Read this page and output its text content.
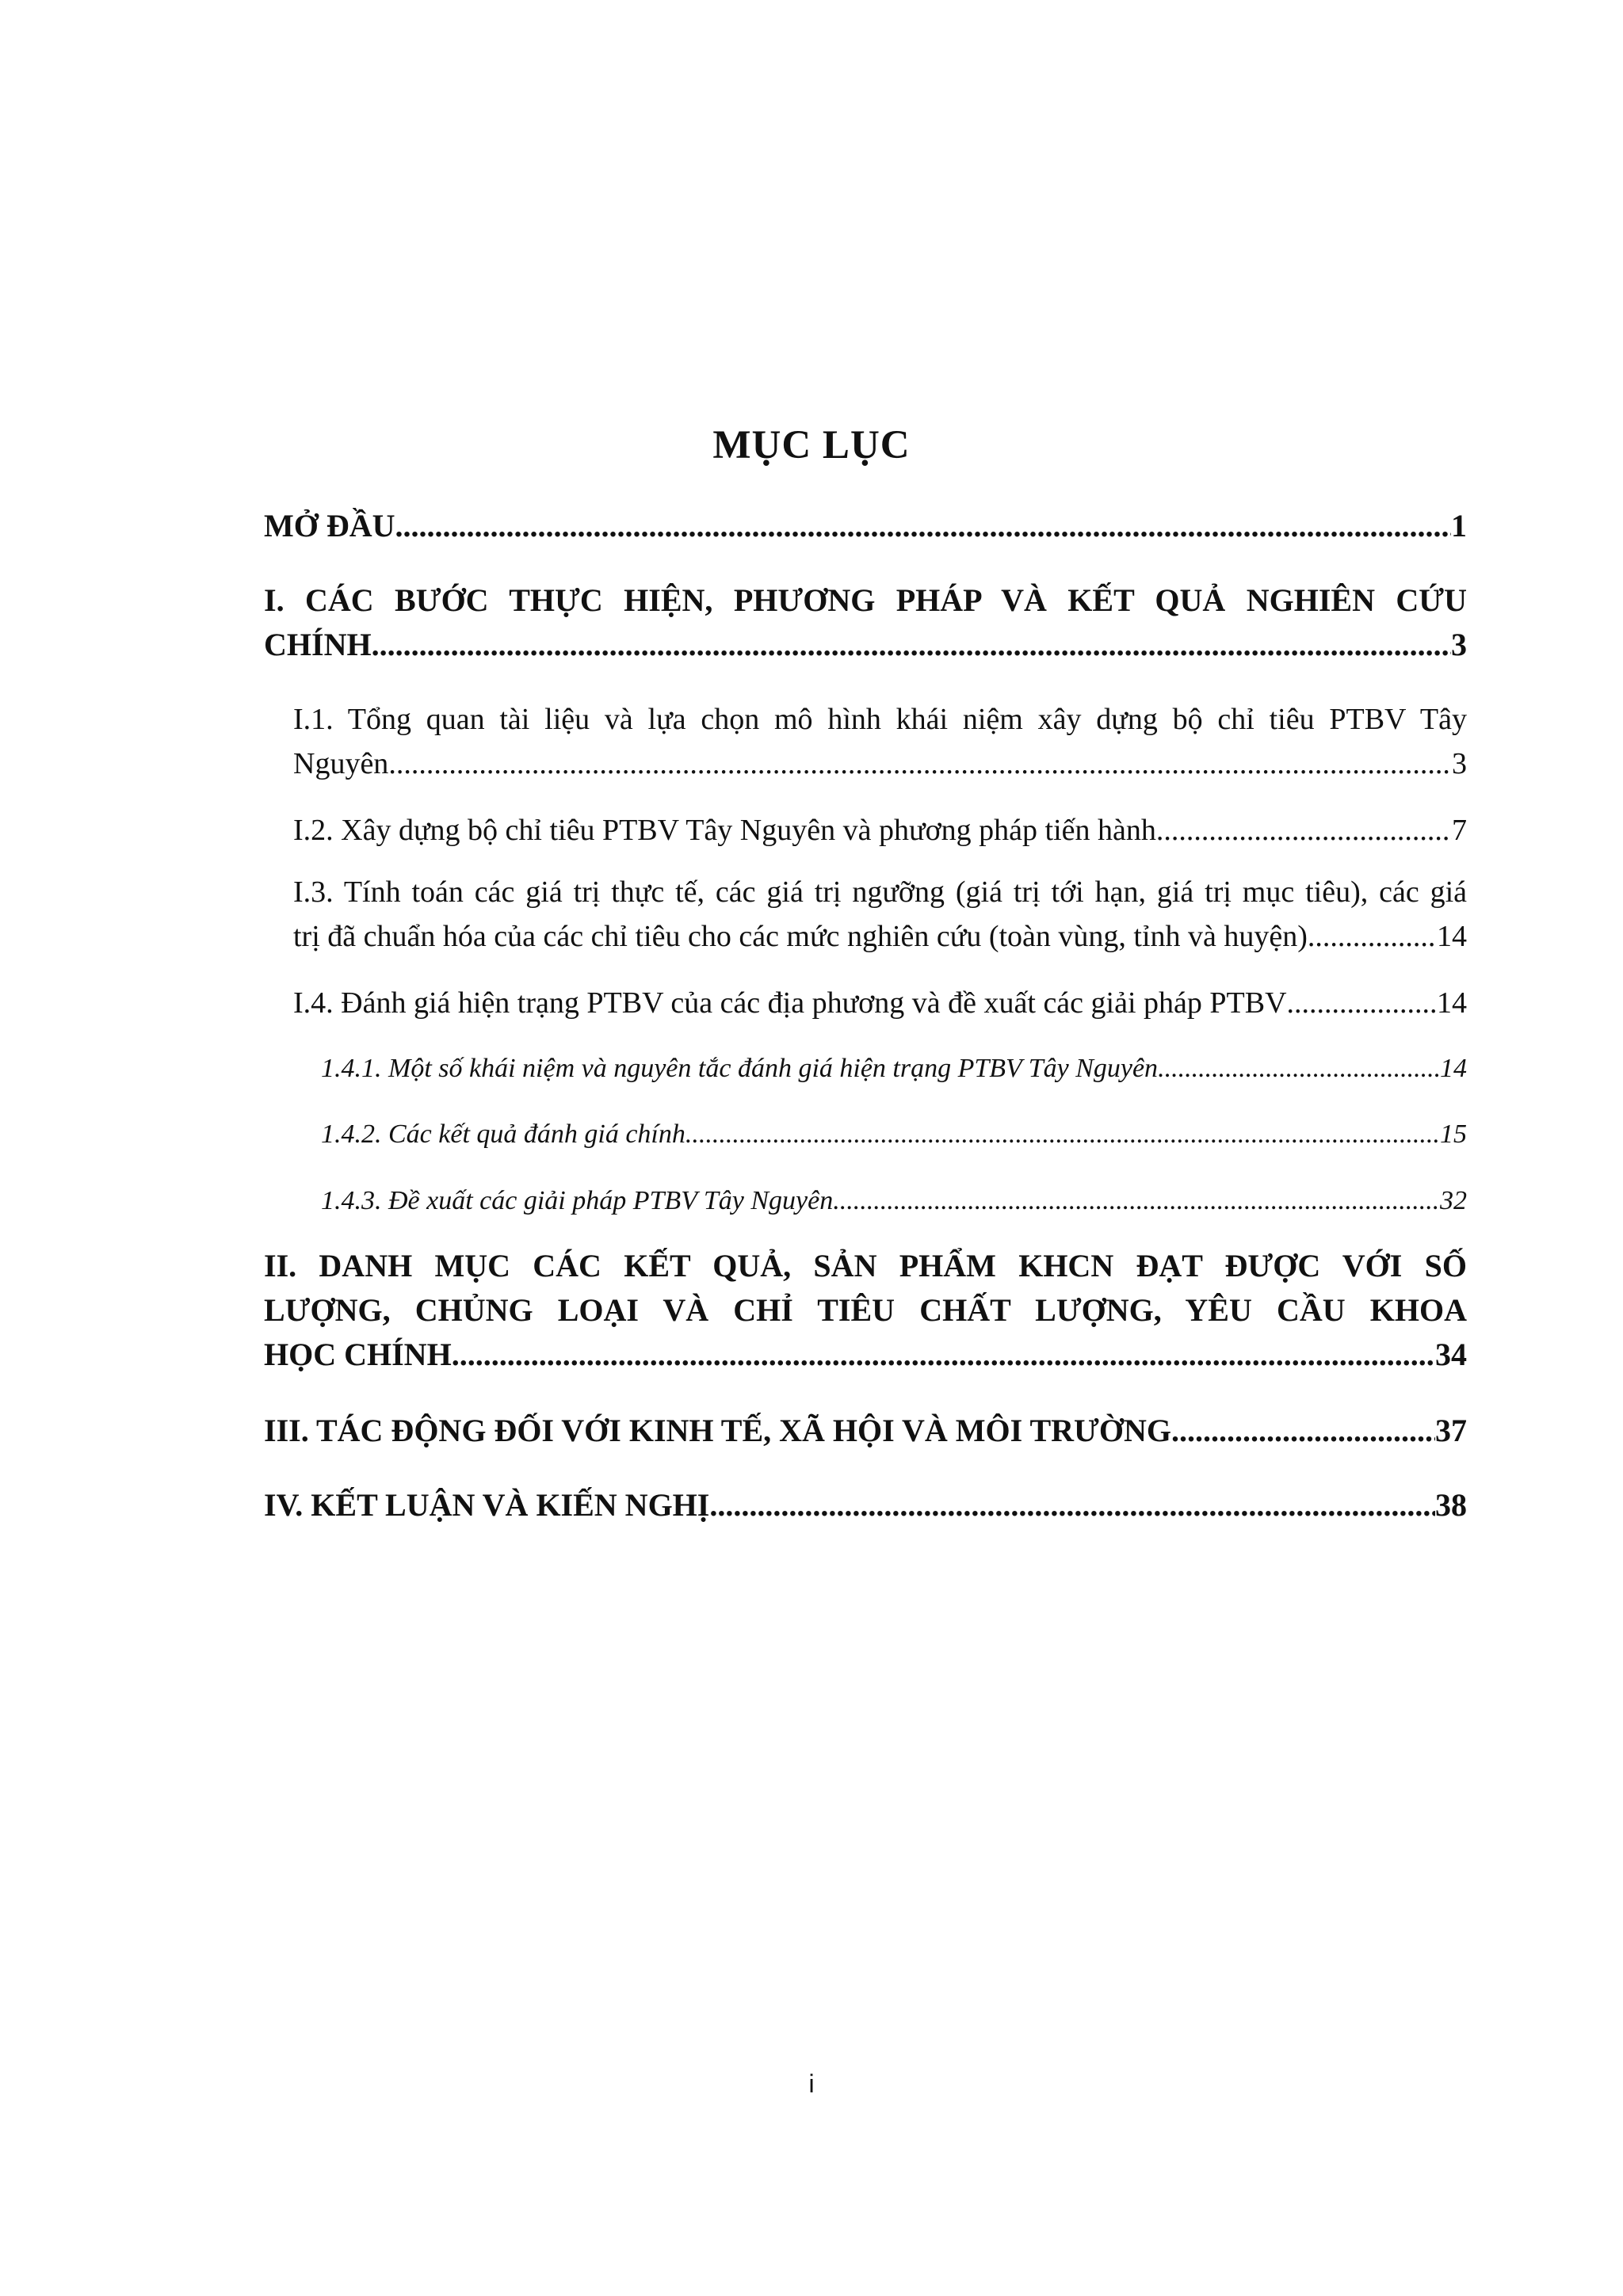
MỤC LỤC
MỞ ĐẦU .....	1
I. CÁC BƯỚC THỰC HIỆN, PHƯƠNG PHÁP VÀ KẾT QUẢ NGHIÊN CỨU
CHÍNH .....	3
I.1. Tổng quan tài liệu và lựa chọn mô hình khái niệm xây dựng bộ chỉ tiêu PTBV Tây
Nguyên .....	3
I.2. Xây dựng bộ chỉ tiêu PTBV Tây Nguyên và phương pháp tiến hành .....	7
I.3. Tính toán các giá trị thực tế, các giá trị ngưỡng (giá trị tới hạn, giá trị mục tiêu), các giá
trị đã chuẩn hóa của các chỉ tiêu cho các mức nghiên cứu (toàn vùng, tỉnh và huyện) .....	14
I.4. Đánh giá hiện trạng PTBV của các địa phương và đề xuất các giải pháp PTBV .....	14
1.4.1. Một số khái niệm và nguyên tắc đánh giá hiện trạng PTBV Tây Nguyên .....	14
1.4.2. Các kết quả đánh giá chính .....	15
1.4.3. Đề xuất các giải pháp PTBV Tây Nguyên .....	32
II. DANH MỤC CÁC KẾT QUẢ, SẢN PHẨM KHCN ĐẠT ĐƯỢC VỚI SỐ
LƯỢNG, CHỦNG LOẠI VÀ CHỈ TIÊU CHẤT LƯỢNG, YÊU CẦU KHOA
HỌC CHÍNH .....	34
III. TÁC ĐỘNG ĐỐI VỚI KINH TẾ, XÃ HỘI VÀ MÔI TRƯỜNG .....	37
IV. KẾT LUẬN VÀ KIẾN NGHỊ .....	38
i
